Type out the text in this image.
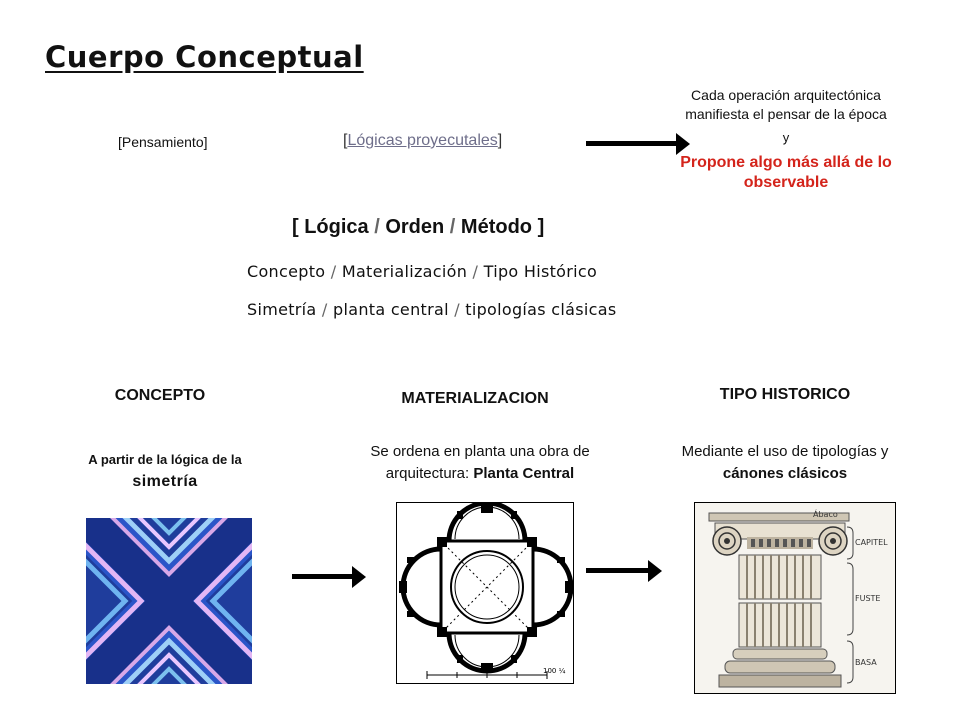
Cuerpo Conceptual
[Pensamiento]	[Lógicas proyecutales]
Cada operación arquitectónica manifiesta el pensar de la época
y
Propone algo más allá de lo observable
[ Lógica / Orden / Método ]
Concepto / Materialización / Tipo Histórico
Simetría / planta central / tipologías clásicas
CONCEPTO	MATERIALIZACION	TIPO HISTORICO
A partir de la lógica de la
simetría
Se ordena en planta una obra de arquitectura: Planta Central
Mediante el uso de tipologías y cánones clásicos
100 ¼
Ábaco
CAPITEL
FUSTE
BASA
